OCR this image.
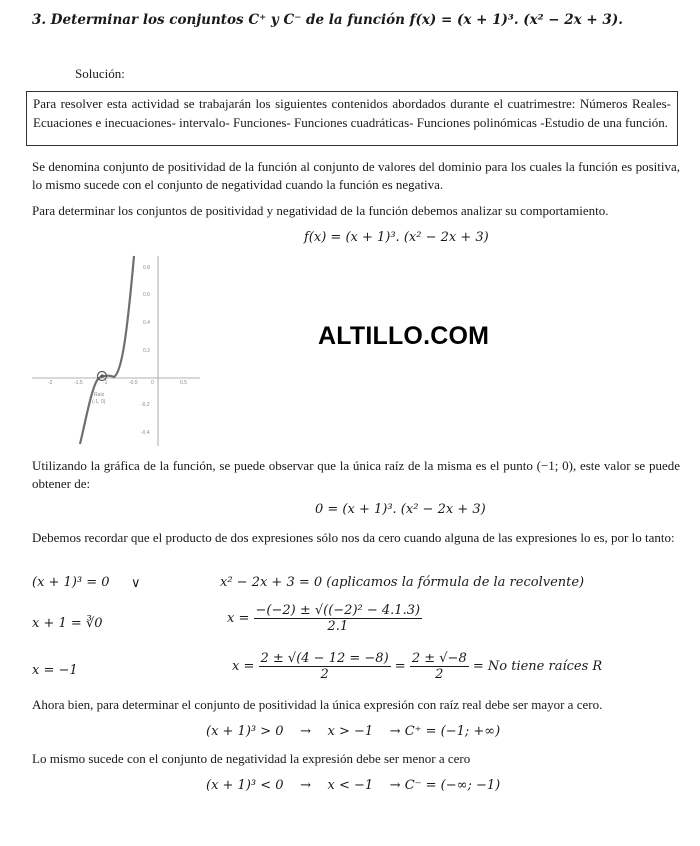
3. Determinar los conjuntos C⁺ y C⁻ de la función f(x) = (x + 1)³. (x² − 2x + 3).
Solución:
Para resolver esta actividad se trabajarán los siguientes contenidos abordados durante el cuatrimestre: Números Reales- Ecuaciones e inecuaciones- intervalo- Funciones- Funciones cuadráticas- Funciones polinómicas -Estudio de una función.
Se denomina conjunto de positividad de la función al conjunto de valores del dominio para los cuales la función es positiva, lo mismo sucede con el conjunto de negatividad cuando la función es negativa.
Para determinar los conjuntos de positividad y negatividad de la función debemos analizar su comportamiento.
f(x) = (x + 1)³. (x² − 2x + 3)
-2	-1.5	-1	-0.5	0	0.5
0.8
0.6
0.4
0.2
-0.2
-0.4
Raíz
(-1, 0)
ALTILLO.COM
Utilizando la gráfica de la función, se puede observar que la única raíz de la misma es el punto (−1; 0), este valor se puede obtener de:
0 = (x + 1)³. (x² − 2x + 3)
Debemos recordar que el producto de dos expresiones sólo nos da cero cuando alguna de las expresiones lo es, por lo tanto:
(x + 1)³ = 0 ∨	x² − 2x + 3 = 0 (aplicamos la fórmula de la recolvente)
x + 1 = ∛0	$x = \frac{\text{−(−2) ± √((−2)² − 4.1.3)}}{2.1}$
x = −1	$x = \frac{2 \pm √(4 - 12 = -8)}{2} = \frac{2 \pm √-8}{2} = No$ tiene raíces R
Ahora bien, para determinar el conjunto de positividad la única expresión con raíz real debe ser mayor a cero.
(x + 1)³ > 0    →    x > −1    → C⁺ = (−1; +∞)
Lo mismo sucede con el conjunto de negatividad la expresión debe ser menor a cero
(x + 1)³ < 0    →    x < −1    → C⁻ = (−∞; −1)
